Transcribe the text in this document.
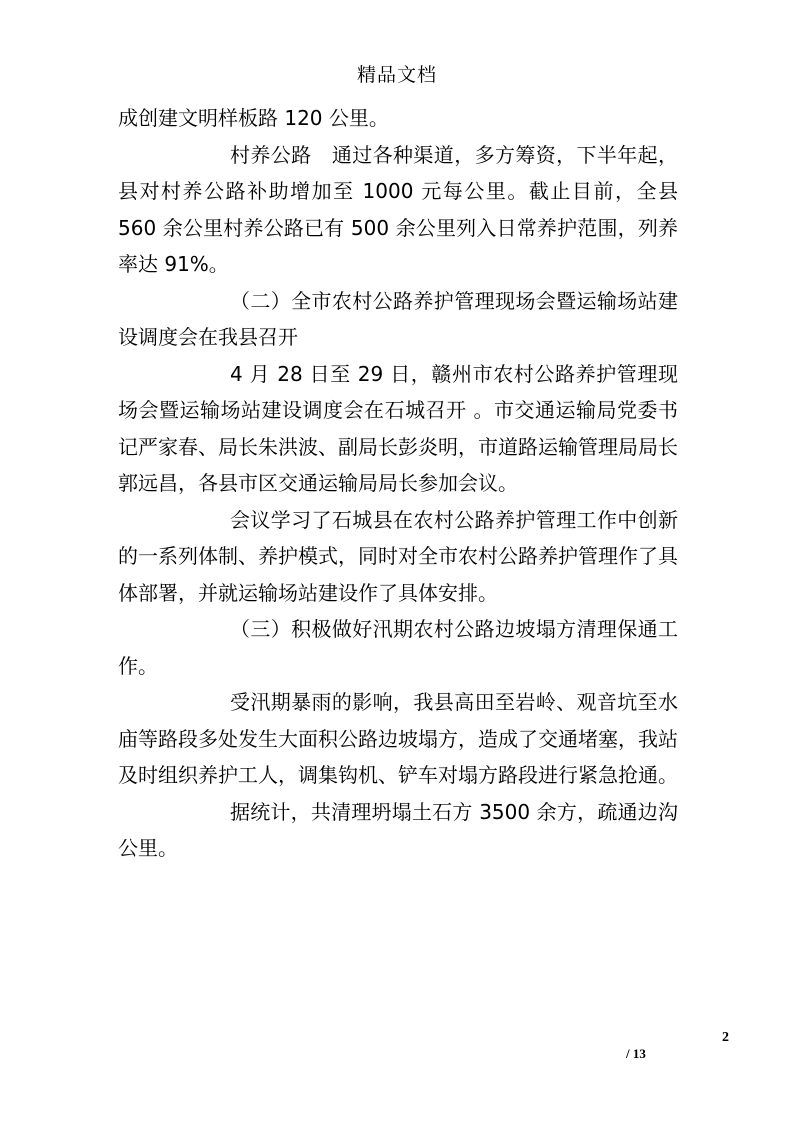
精品文档

成创建文明样板路 120 公里。

村养公路　通过各种渠道，多方筹资，下半年起，县对村养公路补助增加至 1000 元每公里。截止目前，全县 560 余公里村养公路已有 500 余公里列入日常养护范围，列养率达 91%。

（二）全市农村公路养护管理现场会暨运输场站建设调度会在我县召开

4 月 28 日至 29 日，赣州市农村公路养护管理现场会暨运输场站建设调度会在石城召开 。市交通运输局党委书记严家春、局长朱洪波、副局长彭炎明，市道路运输管理局局长郭远昌，各县市区交通运输局局长参加会议。

会议学习了石城县在农村公路养护管理工作中创新的一系列体制、养护模式，同时对全市农村公路养护管理作了具体部署，并就运输场站建设作了具体安排。

（三）积极做好汛期农村公路边坡塌方清理保通工作。

受汛期暴雨的影响，我县高田至岩岭、观音坑至水庙等路段多处发生大面积公路边坡塌方，造成了交通堵塞，我站及时组织养护工人，调集钩机、铲车对塌方路段进行紧急抢通。

据统计，共清理坍塌土石方 3500 余方，疏通边沟公里。

2
/ 13
